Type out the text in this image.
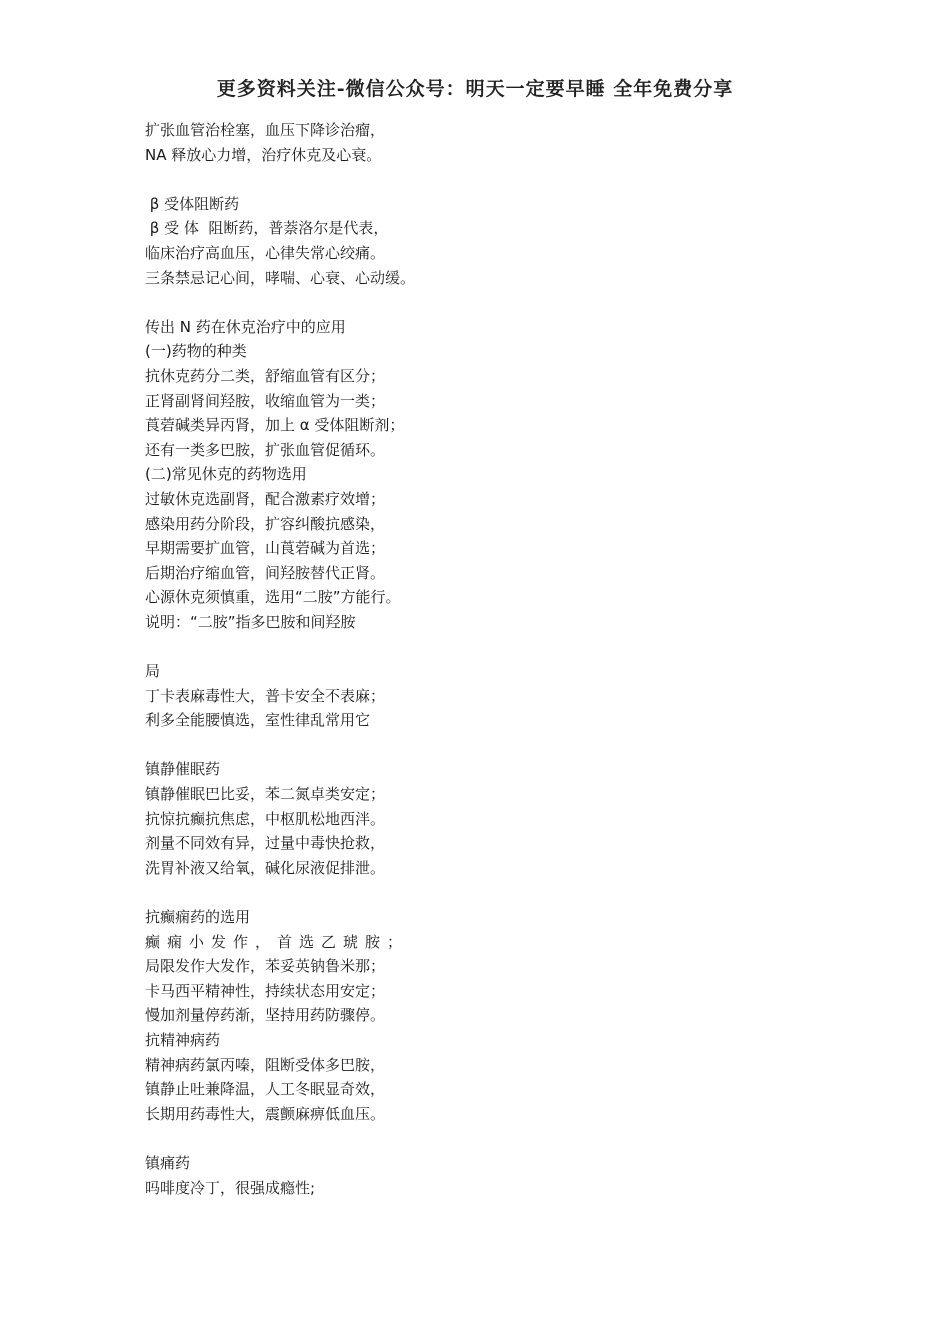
更多资料关注-微信公众号：明天一定要早睡 全年免费分享
扩张血管治栓塞，血压下降诊治瘤，
NA 释放心力增，治疗休克及心衰。
β 受体阻断药
β 受 体  阻断药，普萘洛尔是代表，
临床治疗高血压，心律失常心绞痛。
三条禁忌记心间，哮喘、心衰、心动缓。
传出 N 药在休克治疗中的应用
(一)药物的种类
抗休克药分二类，舒缩血管有区分；
正肾副肾间羟胺，收缩血管为一类；
莨菪碱类异丙肾，加上 α 受体阻断剂；
还有一类多巴胺，扩张血管促循环。
(二)常见休克的药物选用
过敏休克选副肾，配合激素疗效增；
感染用药分阶段，扩容纠酸抗感染，
早期需要扩血管，山莨菪碱为首选；
后期治疗缩血管，间羟胺替代正肾。
心源休克须慎重，选用“二胺”方能行。
说明：“二胺”指多巴胺和间羟胺
局
丁卡表麻毒性大，普卡安全不表麻；
利多全能腰慎选，室性律乱常用它
镇静催眠药
镇静催眠巴比妥，苯二氮卓类安定；
抗惊抗癫抗焦虑，中枢肌松地西泮。
剂量不同效有异，过量中毒快抢救，
洗胃补液又给氧，碱化尿液促排泄。
抗癫痫药的选用
癫痫小发作，首选乙琥胺；
局限发作大发作，苯妥英钠鲁米那；
卡马西平精神性，持续状态用安定；
慢加剂量停药渐，坚持用药防骤停。
抗精神病药
精神病药氯丙嗪，阻断受体多巴胺，
镇静止吐兼降温，人工冬眠显奇效，
长期用药毒性大，震颤麻痹低血压。
镇痛药
吗啡度冷丁，很强成瘾性;
